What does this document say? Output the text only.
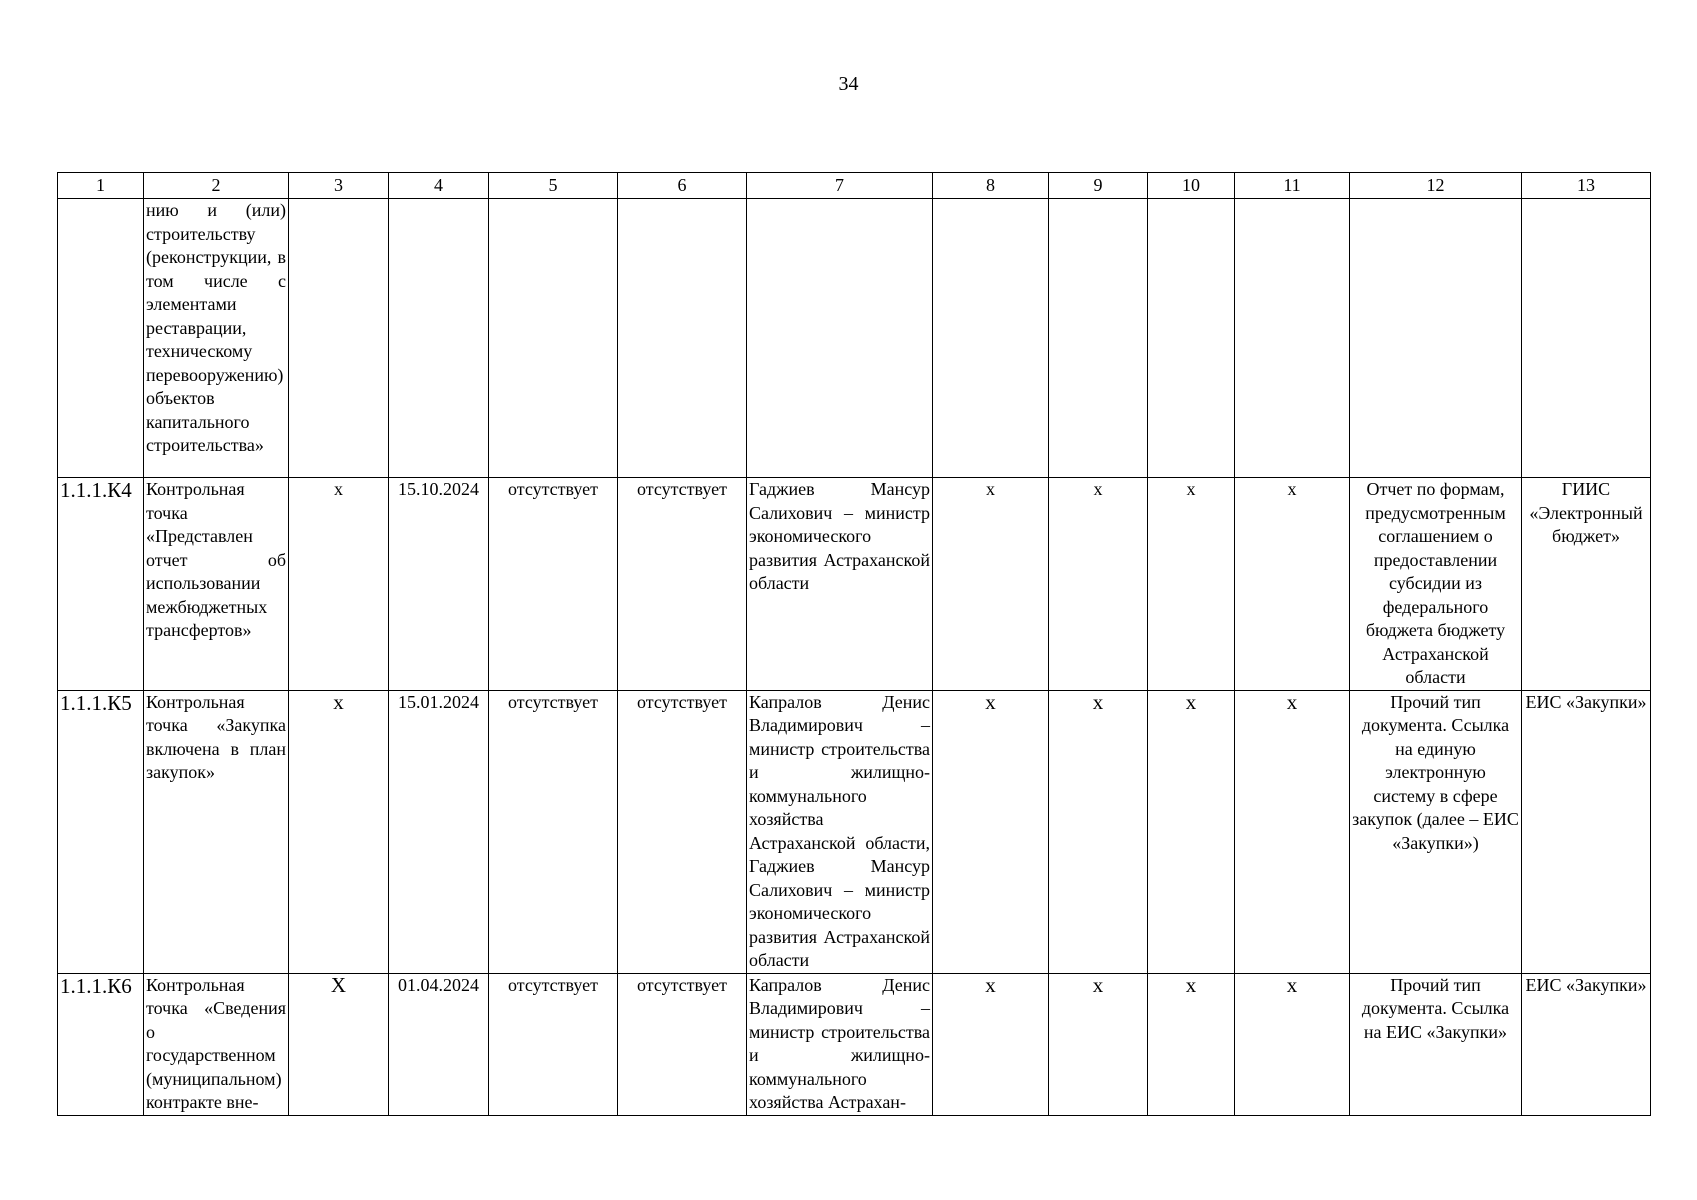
34
1	2	3	4	5	6	7	8	9	10	11	12	13
	нию и (или) строительству (реконструкции, в том числе с элементами реставрации, техническому перевооружению) объектов капитального строительства»											
1.1.1.К4	Контрольная точка «Представлен отчет об использовании межбюджетных трансфертов»	x	15.10.2024	отсутствует	отсутствует	Гаджиев Мансур Салихович – министр экономического развития Астраханской области	x	x	x	x	Отчет по формам, предусмотренным соглашением о предоставлении субсидии из федерального бюджета бюджету Астраханской области	ГИИС «Электронный бюджет»
1.1.1.К5	Контрольная точка «Закупка включена в план закупок»	x	15.01.2024	отсутствует	отсутствует	Капралов Денис Владимирович – министр строительства и жилищно-коммунального хозяйства Астраханской области, Гаджиев Мансур Салихович – министр экономического развития Астраханской области	x	x	x	x	Прочий тип документа. Ссылка на единую электронную систему в сфере закупок (далее – ЕИС «Закупки»)	ЕИС «Закупки»
1.1.1.К6	Контрольная точка «Сведения о государственном (муниципальном) контракте вне-	X	01.04.2024	отсутствует	отсутствует	Капралов Денис Владимирович – министр строительства и жилищно-коммунального хозяйства Астрахан-	x	x	x	x	Прочий тип документа. Ссылка на ЕИС «Закупки»	ЕИС «Закупки»
